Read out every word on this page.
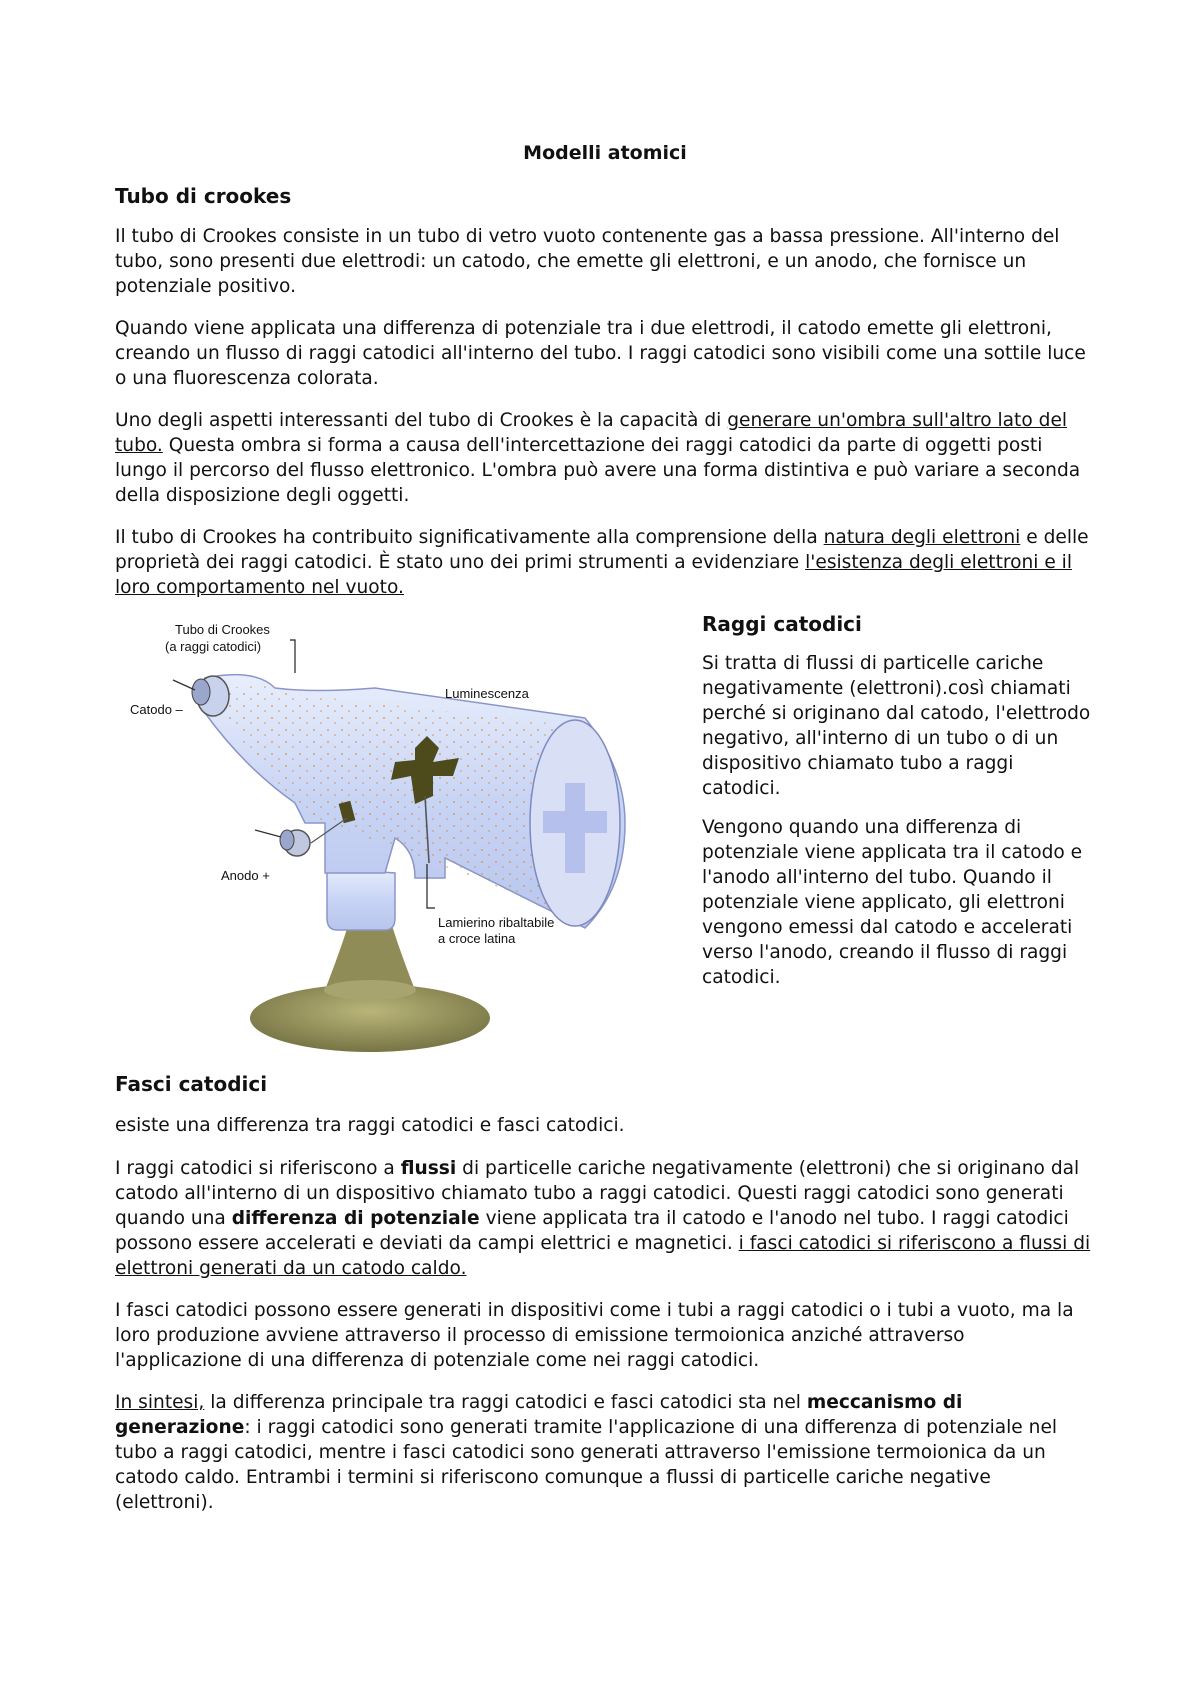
Modelli atomici
Tubo di crookes

Il tubo di Crookes consiste in un tubo di vetro vuoto contenente gas a bassa pressione. All'interno del tubo, sono presenti due elettrodi: un catodo, che emette gli elettroni, e un anodo, che fornisce un potenziale positivo.

Quando viene applicata una differenza di potenziale tra i due elettrodi, il catodo emette gli elettroni, creando un flusso di raggi catodici all'interno del tubo. I raggi catodici sono visibili come una sottile luce o una fluorescenza colorata.

Uno degli aspetti interessanti del tubo di Crookes è la capacità di generare un'ombra sull'altro lato del tubo. Questa ombra si forma a causa dell'intercettazione dei raggi catodici da parte di oggetti posti lungo il percorso del flusso elettronico. L'ombra può avere una forma distintiva e può variare a seconda della disposizione degli oggetti.

Il tubo di Crookes ha contribuito significativamente alla comprensione della natura degli elettroni e delle proprietà dei raggi catodici. È stato uno dei primi strumenti a evidenziare l'esistenza degli elettroni e il loro comportamento nel vuoto.

Tubo di Crookes
(a raggi catodici)
Catodo –
Anodo +
Luminescenza
Lamierino ribaltabile
a croce latina
Raggi catodici

Si tratta di flussi di particelle cariche negativamente (elettroni).così chiamati perché si originano dal catodo, l'elettrodo negativo, all'interno di un tubo o di un dispositivo chiamato tubo a raggi catodici.

Vengono quando una differenza di potenziale viene applicata tra il catodo e l'anodo all'interno del tubo. Quando il potenziale viene applicato, gli elettroni vengono emessi dal catodo e accelerati verso l'anodo, creando il flusso di raggi catodici.

Fasci catodici

esiste una differenza tra raggi catodici e fasci catodici.

I raggi catodici si riferiscono a flussi di particelle cariche negativamente (elettroni) che si originano dal catodo all'interno di un dispositivo chiamato tubo a raggi catodici. Questi raggi catodici sono generati quando una differenza di potenziale viene applicata tra il catodo e l'anodo nel tubo. I raggi catodici possono essere accelerati e deviati da campi elettrici e magnetici. i fasci catodici si riferiscono a flussi di elettroni generati da un catodo caldo.

I fasci catodici possono essere generati in dispositivi come i tubi a raggi catodici o i tubi a vuoto, ma la loro produzione avviene attraverso il processo di emissione termoionica anziché attraverso l'applicazione di una differenza di potenziale come nei raggi catodici.

In sintesi, la differenza principale tra raggi catodici e fasci catodici sta nel meccanismo di generazione: i raggi catodici sono generati tramite l'applicazione di una differenza di potenziale nel tubo a raggi catodici, mentre i fasci catodici sono generati attraverso l'emissione termoionica da un catodo caldo. Entrambi i termini si riferiscono comunque a flussi di particelle cariche negative (elettroni).
